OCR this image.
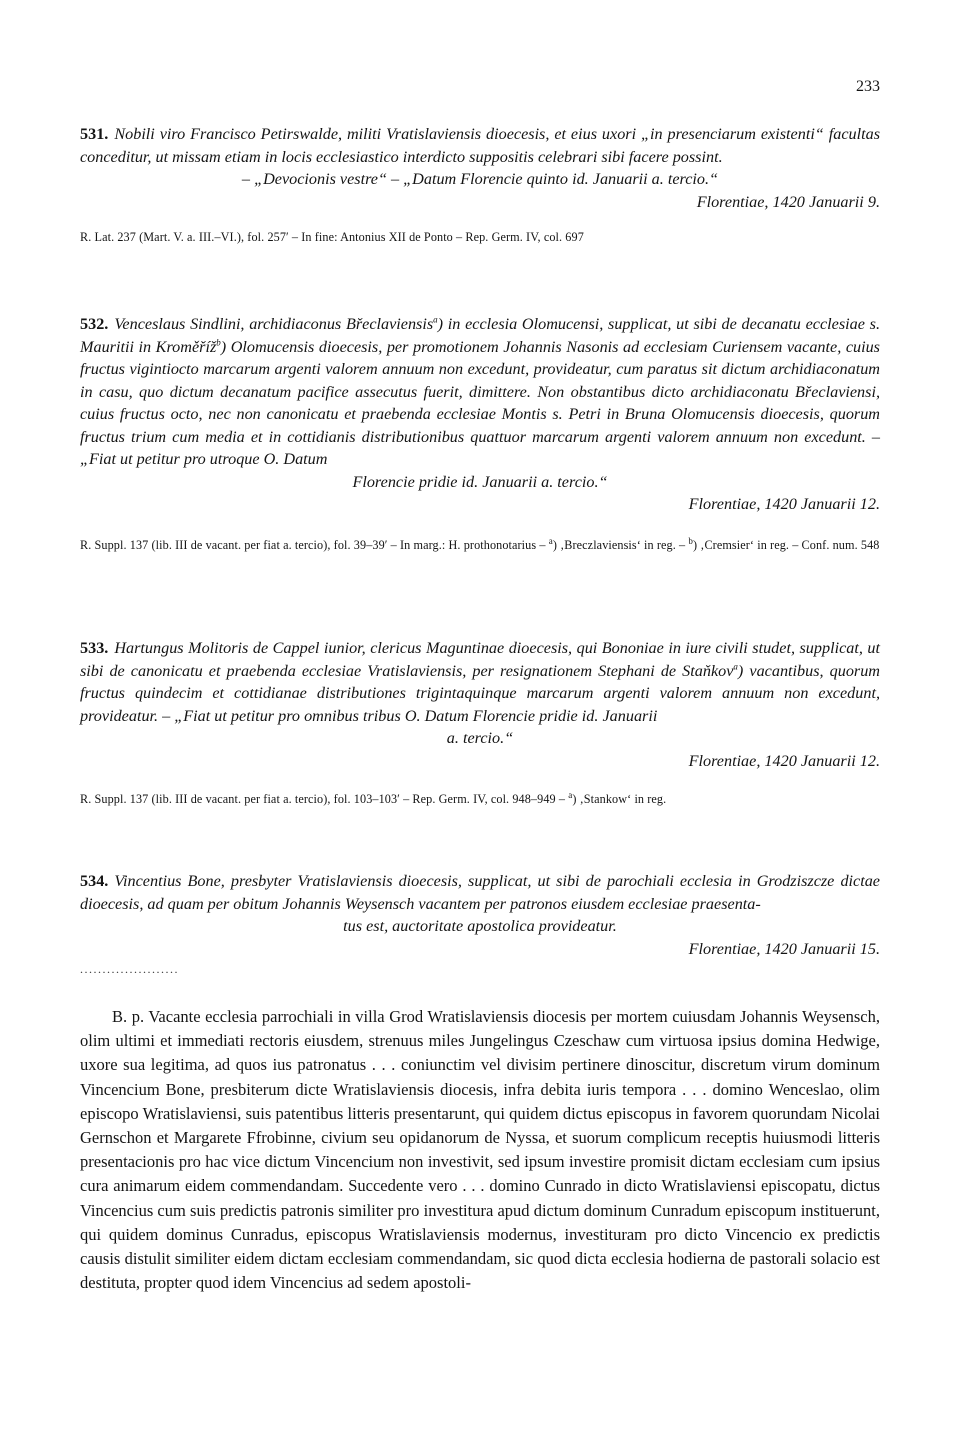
233

531. Nobili viro Francisco Petirswalde, militi Vratislaviensis dioecesis, et eius uxori „in presenciarum existenti“ facultas conceditur, ut missam etiam in locis ecclesiastico interdicto suppositis celebrari sibi facere possint.
– „Devocionis vestre“ – „Datum Florencie quinto id. Januarii a. tercio.“

Florentiae, 1420 Januarii 9.

R. Lat. 237 (Mart. V. a. III.–VI.), fol. 257′ – In fine: Antonius XII de Ponto – Rep. Germ. IV, col. 697

532. Venceslaus Sindlini, archidiaconus Břeclaviensis$^a$) in ecclesia Olomucensi, supplicat, ut sibi de decanatu ecclesiae s. Mauritii in Kroměříž$^b$) Olomucensis dioecesis, per promotionem Johannis Nasonis ad ecclesiam Curiensem vacante, cuius fructus vigintiocto marcarum argenti valorem annuum non excedunt, provideatur, cum paratus sit dictum archidiaconatum in casu, quo dictum decanatum pacifice assecutus fuerit, dimittere. Non obstantibus dicto archidiaconatu Břeclaviensi, cuius fructus octo, nec non canonicatu et praebenda ecclesiae Montis s. Petri in Bruna Olomucensis dioecesis, quorum fructus trium cum media et in cottidianis distributionibus quattuor marcarum argenti valorem annuum non excedunt. – „Fiat ut petitur pro utroque O. Datum
Florencie pridie id. Januarii a. tercio.“

Florentiae, 1420 Januarii 12.

R. Suppl. 137 (lib. III de vacant. per fiat a. tercio), fol. 39–39′ – In marg.: H. prothonotarius – $^a$) ‚Breczlaviensis‘ in reg. – $^b$) ‚Cremsier‘ in reg. – Conf. num. 548

533. Hartungus Molitoris de Cappel iunior, clericus Maguntinae dioecesis, qui Bononiae in iure civili studet, supplicat, ut sibi de canonicatu et praebenda ecclesiae Vratislaviensis, per resignationem Stephani de Staňkov$^a$) vacantibus, quorum fructus quindecim et cottidianae distributiones trigintaquinque marcarum argenti valorem annuum non excedunt, provideatur. – „Fiat ut petitur pro omnibus tribus O. Datum Florencie pridie id. Januarii
a. tercio.“

Florentiae, 1420 Januarii 12.

R. Suppl. 137 (lib. III de vacant. per fiat a. tercio), fol. 103–103′ – Rep. Germ. IV, col. 948–949 – $^a$) ‚Stankow‘ in reg.

534. Vincentius Bone, presbyter Vratislaviensis dioecesis, supplicat, ut sibi de parochiali ecclesia in Grodziszcze dictae dioecesis, ad quam per obitum Johannis Weysensch vacantem per patronos eiusdem ecclesiae praesenta-
tus est, auctoritate apostolica provideatur.

Florentiae, 1420 Januarii 15.

......................

B. p. Vacante ecclesia parrochiali in villa Grod Wratislaviensis diocesis per mortem cuiusdam Johannis Weysensch, olim ultimi et immediati rectoris eiusdem, strenuus miles Jungelingus Czeschaw cum virtuosa ipsius domina Hedwige, uxore sua legitima, ad quos ius patronatus . . . coniunctim vel divisim pertinere dinoscitur, discretum virum dominum Vincencium Bone, presbiterum dicte Wratislaviensis diocesis, infra debita iuris tempora . . . domino Wenceslao, olim episcopo Wratislaviensi, suis patentibus litteris presentarunt, qui quidem dictus episcopus in favorem quorundam Nicolai Gernschon et Margarete Ffrobinne, civium seu opidanorum de Nyssa, et suorum complicum receptis huiusmodi litteris presentacionis pro hac vice dictum Vincencium non investivit, sed ipsum investire promisit dictam ecclesiam cum ipsius cura animarum eidem commendandam. Succedente vero . . . domino Cunrado in dicto Wratislaviensi episcopatu, dictus Vincencius cum suis predictis patronis similiter pro investitura apud dictum dominum Cunradum episcopum instituerunt, qui quidem dominus Cunradus, episcopus Wratislaviensis modernus, investituram pro dicto Vincencio ex predictis causis distulit similiter eidem dictam ecclesiam commendandam, sic quod dicta ecclesia hodierna de pastorali solacio est destituta, propter quod idem Vincencius ad sedem apostoli-
